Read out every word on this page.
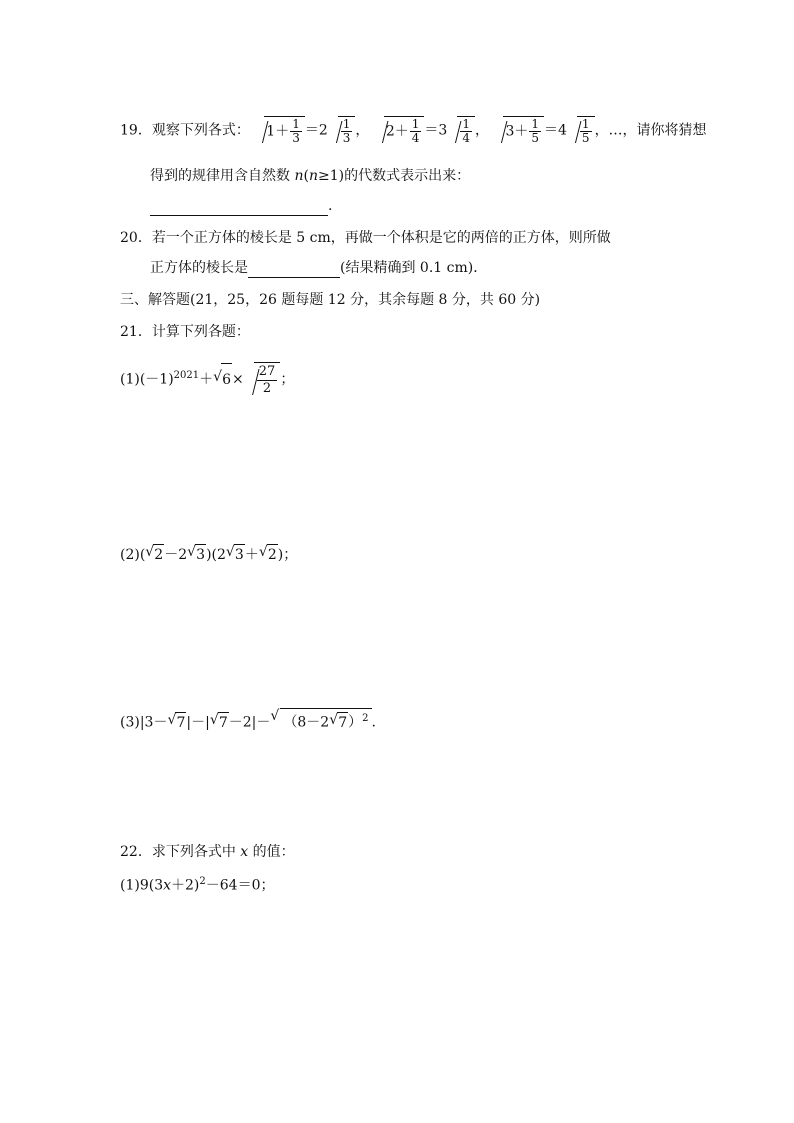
19．观察下列各式： $1+ \frac{1}{3} =2 \frac{1}{3}$ ， $2+ \frac{1}{4} =3 \frac{1}{4}$ ， $3+ \frac{1}{5} =4 \frac{1}{5}$ ，…，请你将猜想
得到的规律用含自然数 n(n≥1)的代数式表示出来：
.
20．若一个正方体的棱长是 5 cm，再做一个体积是它的两倍的正方体，则所做
正方体的棱长是	(结果精确到 0.1 cm)．
三、解答题(21，25，26 题每题 12 分，其余每题 8 分，共 60 分)
21．计算下列各题：
$(1)(-1)^{2021}+√$ $6\times \frac{27}{2}$ ；
(2)(√ 2－2√ 3)(2√ 3＋√ 2)；
(3)|3－√ 7|－|√ 7－2|－√ （8－2√ 7）$^2$ .
22．求下列各式中 x 的值：
$(1)9(3x+2)^2-64=0$；
